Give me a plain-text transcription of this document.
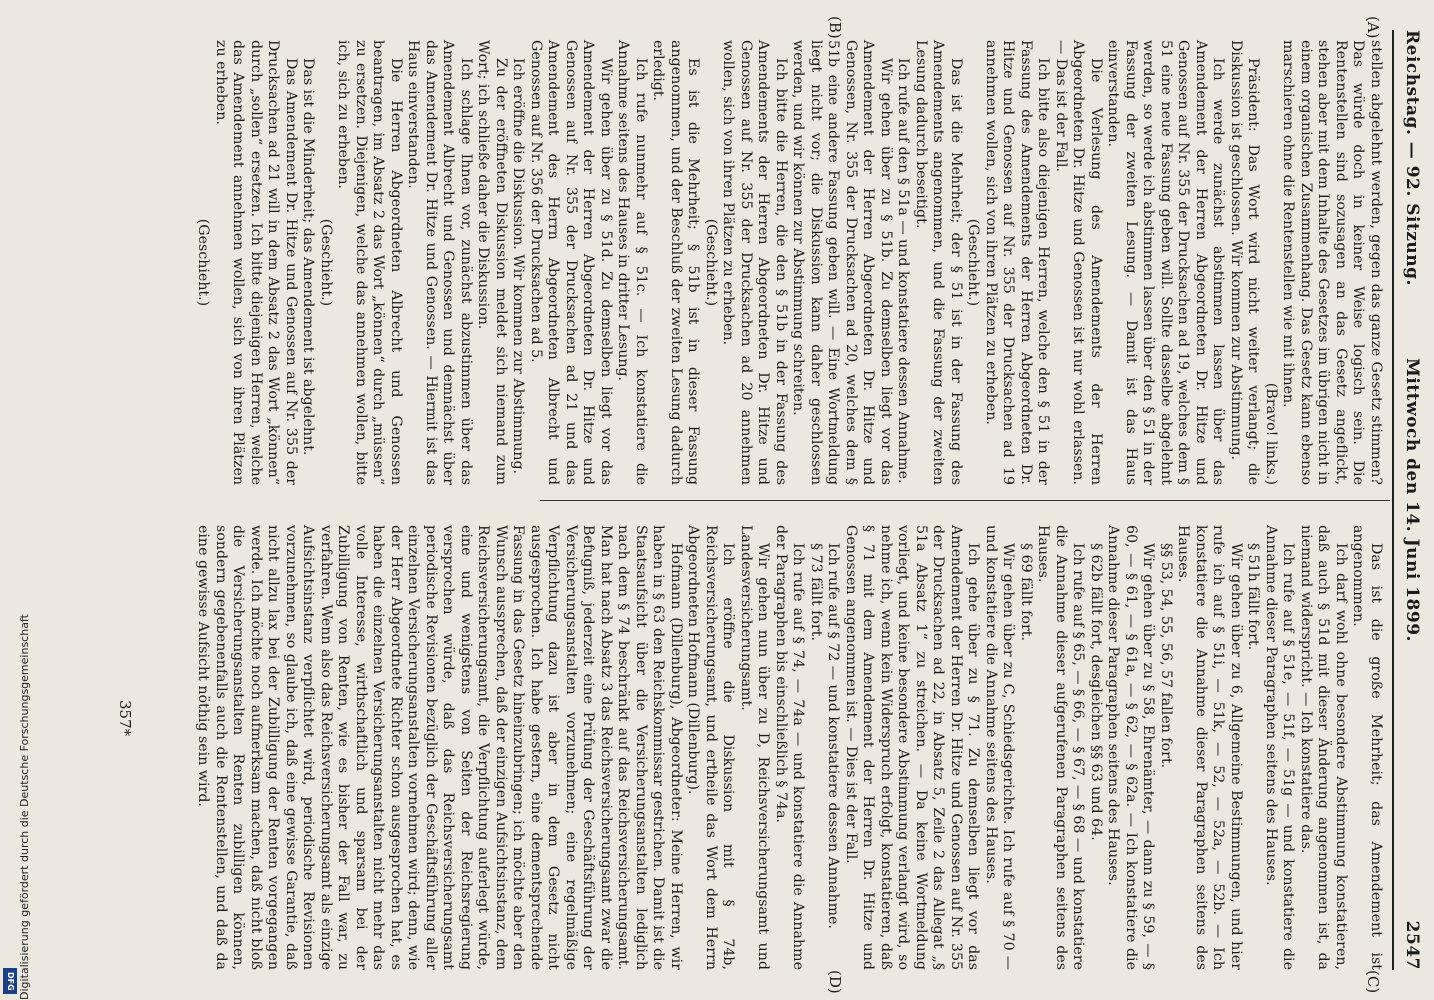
Reichstag. — 92. Sitzung.
Mittwoch den 14. Juni 1899.
2547
(A)
(B)
(C)
(D)

stellen abgelehnt werden, gegen das ganze Gesetz stimmen? Das würde doch in keiner Weise logisch sein. Die Rentenstellen sind sozusagen an das Gesetz angeflickt, stehen aber mit dem Inhalte des Gesetzes im übrigen nicht in einem organischen Zusammenhang. Das Gesetz kann ebenso marschieren ohne die Rentenstellen wie mit ihnen.

(Bravo! links.)

Präsident: Das Wort wird nicht weiter verlangt; die Diskussion ist geschlossen. Wir kommen zur Abstimmung.

Ich werde zunächst abstimmen lassen über das Amendement der Herren Abgeordneten Dr. Hitze und Genossen auf Nr. 355 der Drucksachen ad 19, welches dem § 51 eine neue Fassung geben will. Sollte dasselbe abgelehnt werden, so werde ich abstimmen lassen über den § 51 in der Fassung der zweiten Lesung. — Damit ist das Haus einverstanden.

Die Verlesung des Amendements der Herren Abgeordneten Dr. Hitze und Genossen ist nur wohl erlassen. — Das ist der Fall.

Ich bitte also diejenigen Herren, welche den § 51 in der Fassung des Amendements der Herren Abgeordneten Dr. Hitze und Genossen auf Nr. 355 der Drucksachen ad 19 annehmen wollen, sich von ihren Plätzen zu erheben.

(Geschieht.)

Das ist die Mehrheit; der § 51 ist in der Fassung des Amendements angenommen, und die Fassung der zweiten Lesung dadurch beseitigt.

Ich rufe auf den § 51a — und konstatiere dessen Annahme.

Wir gehen über zu § 51b. Zu demselben liegt vor das Amendement der Herren Abgeordneten Dr. Hitze und Genossen, Nr. 355 der Drucksachen ad 20, welches dem § 51b eine andere Fassung geben will. — Eine Wortmeldung liegt nicht vor; die Diskussion kann daher geschlossen werden, und wir können zur Abstimmung schreiten.

Ich bitte die Herren, die den § 51b in der Fassung des Amendements der Herren Abgeordneten Dr. Hitze und Genossen auf Nr. 355 der Drucksachen ad 20 annehmen wollen, sich von ihren Plätzen zu erheben.

(Geschieht.)

Es ist die Mehrheit; § 51b ist in dieser Fassung angenommen, und der Beschluß der zweiten Lesung dadurch erledigt.

Ich rufe nunmehr auf § 51c. — Ich konstatiere die Annahme seitens des Hauses in dritter Lesung.

Wir gehen über zu § 51d. Zu demselben liegt vor das Amendement der Herren Abgeordneten Dr. Hitze und Genossen auf Nr. 355 der Drucksachen ad 21 und das Amendement des Herrn Abgeordneten Albrecht und Genossen auf Nr. 356 der Drucksachen ad 5.

Ich eröffne die Diskussion. Wir kommen zur Abstimmung.

Zu der eröffneten Diskussion meldet sich niemand zum Wort; ich schließe daher die Diskussion.

Ich schlage Ihnen vor, zunächst abzustimmen über das Amendement Albrecht und Genossen und demnächst über das Amendement Dr. Hitze und Genossen. — Hiermit ist das Haus einverstanden.

Die Herren Abgeordneten Albrecht und Genossen beantragen, im Absatz 2 das Wort „können“ durch „müssen“ zu ersetzen. Diejenigen, welche das annehmen wollen, bitte ich, sich zu erheben.

(Geschieht.)

Das ist die Minderheit; das Amendement ist abgelehnt.

Das Amendement Dr. Hitze und Genossen auf Nr. 355 der Drucksachen ad 21 will in dem Absatz 2 das Wort „können“ durch „sollen“ ersetzen. Ich bitte diejenigen Herren, welche das Amendement annehmen wollen, sich von ihren Plätzen zu erheben.

(Geschieht.)

Das ist die große Mehrheit; das Amendement ist angenommen.

Ich darf wohl ohne besondere Abstimmung konstatieren, daß auch § 51d mit dieser Änderung angenommen ist, da niemand widerspricht. — Ich konstatiere das.

Ich rufe auf § 51e, — 51f, — 51g — und konstatiere die Annahme dieser Paragraphen seitens des Hauses.

§ 51h fällt fort.

Wir gehen über zu 6, Allgemeine Bestimmungen, und hier rufe ich auf § 51i, — 51k, — 52, — 52a, — 52b. — Ich konstatiere die Annahme dieser Paragraphen seitens des Hauses.

§§ 53, 54, 55, 56, 57 fallen fort.

Wir gehen über zu § 58, Ehrenämter, — dann zu § 59, — § 60, — § 61, — § 61a, — § 62, — § 62a. — Ich konstatiere die Annahme dieser Paragraphen seitens des Hauses.

§ 62b fällt fort, desgleichen §§ 63 und 64.

Ich rufe auf § 65, — § 66, — § 67, — § 68 — und konstatiere die Annahme dieser aufgerufenen Paragraphen seitens des Hauses.

§ 69 fällt fort.

Wir gehen über zu C, Schiedsgerichte. Ich rufe auf § 70 — und konstatiere die Annahme seitens des Hauses.

Ich gehe über zu § 71. Zu demselben liegt vor das Amendement der Herren Dr. Hitze und Genossen auf Nr. 355 der Drucksachen ad 22, in Absatz 5, Zeile 2 das Allegat „§ 51a Absatz 1“ zu streichen. — Da keine Wortmeldung vorliegt, und keine besondere Abstimmung verlangt wird, so nehme ich, wenn kein Widerspruch erfolgt, konstatieren, daß § 71 mit dem Amendement der Herren Dr. Hitze und Genossen angenommen ist. — Dies ist der Fall.

Ich rufe auf § 72 — und konstatiere dessen Annahme.

§ 73 fällt fort.

Ich rufe auf § 74, — 74a — und konstatiere die Annahme der Paragraphen bis einschließlich § 74a.

Wir gehen nun über zu D, Reichsversicherungsamt und Landesversicherungsamt.

Ich eröffne die Diskussion mit § 74b, Reichsversicherungsamt, und ertheile das Wort dem Herrn Abgeordneten Hofmann (Dillenburg).

Hofmann (Dillenburg), Abgeordneter: Meine Herren, wir haben in § 63 den Reichskommissar gestrichen. Damit ist die Staatsaufsicht über die Versicherungsanstalten lediglich nach dem § 74 beschränkt auf das Reichsversicherungsamt. Man hat nach Absatz 3 das Reichsversicherungsamt zwar die Befugniß, jederzeit eine Prüfung der Geschäftsführung der Versicherungsanstalten vorzunehmen; eine regelmäßige Verpflichtung dazu ist aber in dem Gesetz nicht ausgesprochen. Ich habe gestern, eine dementsprechende Fassung in das Gesetz hineinzubringen; ich möchte aber den Wunsch aussprechen, daß der einzigen Aufsichtsinstanz, dem Reichsversicherungsamt, die Verpflichtung auferlegt würde, eine und wenigstens von Seiten der Reichsregierung versprochen würde, daß das Reichsversicherungsamt periodische Revisionen bezüglich der Geschäftsführung aller einzelnen Versicherungsanstalten vornehmen wird; denn, wie der Herr Abgeordnete Richter schon ausgesprochen hat, es haben die einzelnen Versicherungsanstalten nicht mehr das volle Interesse, wirthschaftlich und sparsam bei der Zubilligung von Renten, wie es bisher der Fall war, zu verfahren. Wenn also das Reichsversicherungsamt als einzige Aufsichtsinstanz verpflichtet wird, periodische Revisionen vorzunehmen, so glaube ich, daß eine gewisse Garantie, daß nicht allzu lax bei der Zubilligung der Renten vorgegangen werde. Ich möchte noch aufmerksam machen, daß nicht bloß die Versicherungsanstalten Renten zubilligen können, sondern gegebenenfalls auch die Rentenstellen, und daß da eine gewisse Aufsicht nöthig sein wird.

357*
Digitalisierung gefördert durch die Deutsche Forschungsgemeinschaft
DFG
